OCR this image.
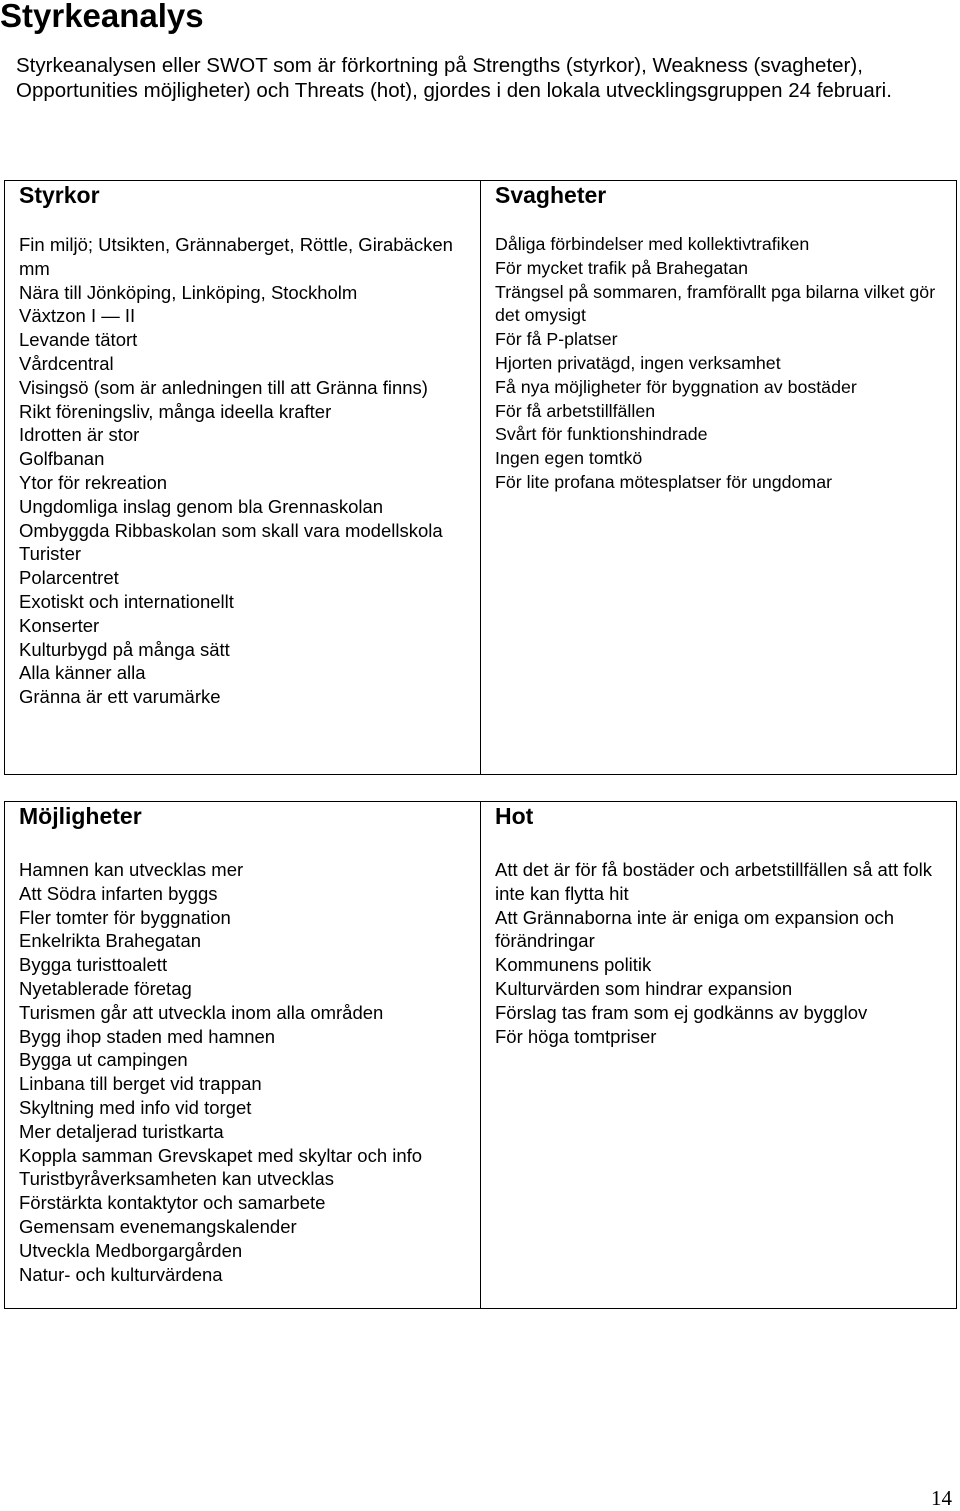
Styrkeanalys

Styrkeanalysen eller SWOT som är förkortning på Strengths (styrkor), Weakness (svagheter), Opportunities möjligheter) och Threats (hot), gjordes i den lokala utvecklingsgruppen 24 februari.

Styrkor
Fin miljö; Utsikten, Grännaberget, Röttle, Girabäcken mm
Nära till Jönköping, Linköping, Stockholm
Växtzon I — II
Levande tätort
Vårdcentral
Visingsö (som är anledningen till att Gränna finns)
Rikt föreningsliv, många ideella krafter
Idrotten är stor
Golfbanan
Ytor för rekreation
Ungdomliga inslag genom bla Grennaskolan
Ombyggda Ribbaskolan som skall vara modellskola
Turister
Polarcentret
Exotiskt och internationellt
Konserter
Kulturbygd på många sätt
Alla känner alla
Gränna är ett varumärke
Svagheter
Dåliga förbindelser med kollektivtrafiken
För mycket trafik på Brahegatan
Trängsel på sommaren, framförallt pga bilarna vilket gör det omysigt
För få P-platser
Hjorten privatägd, ingen verksamhet
Få nya möjligheter för byggnation av bostäder
För få arbetstillfällen
Svårt för funktionshindrade
Ingen egen tomtkö
För lite profana mötesplatser för ungdomar
Möjligheter
Hamnen kan utvecklas mer
Att Södra infarten byggs
Fler tomter för byggnation
Enkelrikta Brahegatan
Bygga turisttoalett
Nyetablerade företag
Turismen går att utveckla inom alla områden
Bygg ihop staden med hamnen
Bygga ut campingen
Linbana till berget vid trappan
Skyltning med info vid torget
Mer detaljerad turistkarta
Koppla samman Grevskapet med skyltar och info
Turistbyråverksamheten kan utvecklas
Förstärkta kontaktytor och samarbete
Gemensam evenemangskalender
Utveckla Medborgargården
Natur- och kulturvärdena
Hot
Att det är för få bostäder och arbetstillfällen så att folk inte kan flytta hit
Att Grännaborna inte är eniga om expansion och förändringar
Kommunens politik
Kulturvärden som hindrar expansion
Förslag tas fram som ej godkänns av bygglov
För höga tomtpriser
14
